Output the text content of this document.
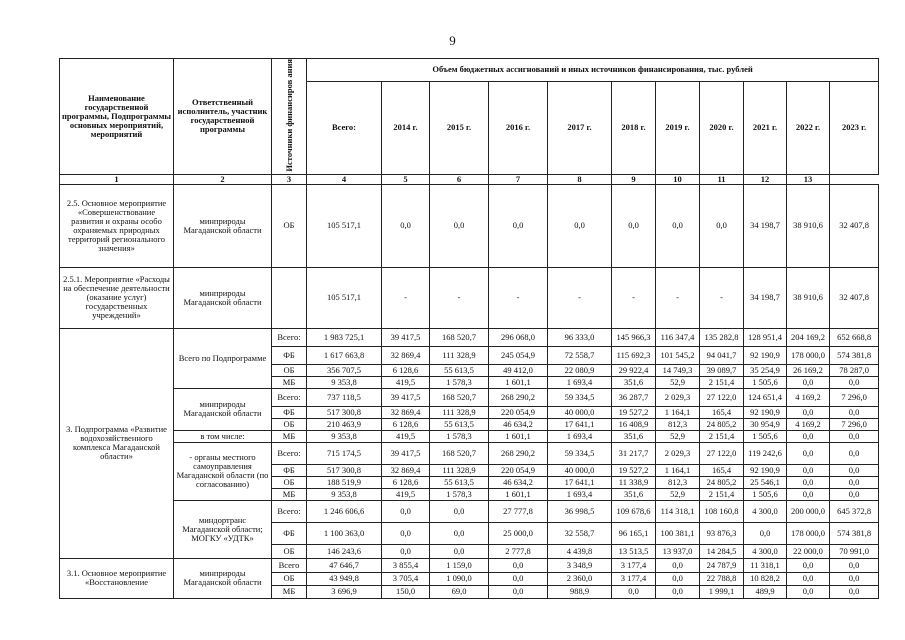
9
Наименование государственной программы, Подпрограммы основных мероприятий, мероприятий	Ответственный исполнитель, участник государственной программы	Источники финансиров ания	Объем бюджетных ассигнований и иных источников финансирования, тыс. рублей										
			Всего:	2014 г.	2015 г.	2016 г.	2017 г.	2018 г.	2019 г.	2020 г.	2021 г.	2022 г.	2023 г.
1	2	3	4	5	6	7	8	9	10	11	12	13	
2.5. Основное мероприятие «Совершенствование развития и охраны особо охраняемых природных территорий регионального значения»	минприроды Магаданской области	ОБ	105 517,1	0,0	0,0	0,0	0,0	0,0	0,0	0,0	34 198,7	38 910,6	32 407,8
2.5.1. Мероприятие «Расходы на обеспечение деятельности (оказание услуг) государственных учреждений»	минприроды Магаданской области		105 517,1	-	-	-	-	-	-	-	34 198,7	38 910,6	32 407,8
3. Подпрограмма «Развитие водохозяйственного комплекса Магаданской области»	Всего по Подпрограмме	Всего:	1 983 725,1	39 417,5	168 520,7	296 068,0	96 333,0	145 966,3	116 347,4	135 282,8	128 951,4	204 169,2	652 668,8
		ФБ	1 617 663,8	32 869,4	111 328,9	245 054,9	72 558,7	115 692,3	101 545,2	94 041,7	92 190,9	178 000,0	574 381,8
		ОБ	356 707,5	6 128,6	55 613,5	49 412,0	22 080,9	29 922,4	14 749,3	39 089,7	35 254,9	26 169,2	78 287,0
		МБ	9 353,8	419,5	1 578,3	1 601,1	1 693,4	351,6	52,9	2 151,4	1 505,6	0,0	0,0
	минприроды Магаданской области	Всего:	737 118,5	39 417,5	168 520,7	268 290,2	59 334,5	36 287,7	2 029,3	27 122,0	124 651,4	4 169,2	7 296,0
		ФБ	517 300,8	32 869,4	111 328,9	220 054,9	40 000,0	19 527,2	1 164,1	165,4	92 190,9	0,0	0,0
		ОБ	210 463,9	6 128,6	55 613,5	46 634,2	17 641,1	16 408,9	812,3	24 805,2	30 954,9	4 169,2	7 296,0
	в том числе:	МБ	9 353,8	419,5	1 578,3	1 601,1	1 693,4	351,6	52,9	2 151,4	1 505,6	0,0	0,0
	- органы местного самоуправления Магаданской области (по согласованию)	Всего:	715 174,5	39 417,5	168 520,7	268 290,2	59 334,5	31 217,7	2 029,3	27 122,0	119 242,6	0,0	0,0
		ФБ	517 300,8	32 869,4	111 328,9	220 054,9	40 000,0	19 527,2	1 164,1	165,4	92 190,9	0,0	0,0
		ОБ	188 519,9	6 128,6	55 613,5	46 634,2	17 641,1	11 338,9	812,3	24 805,2	25 546,1	0,0	0,0
		МБ	9 353,8	419,5	1 578,3	1 601,1	1 693,4	351,6	52,9	2 151,4	1 505,6	0,0	0,0
	миндортранс Магаданской области; МОГКУ «УДТК»	Всего:	1 246 606,6	0,0	0,0	27 777,8	36 998,5	109 678,6	114 318,1	108 160,8	4 300,0	200 000,0	645 372,8
		ФБ	1 100 363,0	0,0	0,0	25 000,0	32 558,7	96 165,1	100 381,1	93 876,3	0,0	178 000,0	574 381,8
		ОБ	146 243,6	0,0	0,0	2 777,8	4 439,8	13 513,5	13 937,0	14 284,5	4 300,0	22 000,0	70 991,0
3.1. Основное мероприятие «Восстановление	минприроды Магаданской области	Всего	47 646,7	3 855,4	1 159,0	0,0	3 348,9	3 177,4	0,0	24 787,9	11 318,1	0,0	0,0
		ОБ	43 949,8	3 705,4	1 090,0	0,0	2 360,0	3 177,4	0,0	22 788,8	10 828,2	0,0	0,0
		МБ	3 696,9	150,0	69,0	0,0	988,9	0,0	0,0	1 999,1	489,9	0,0	0,0
